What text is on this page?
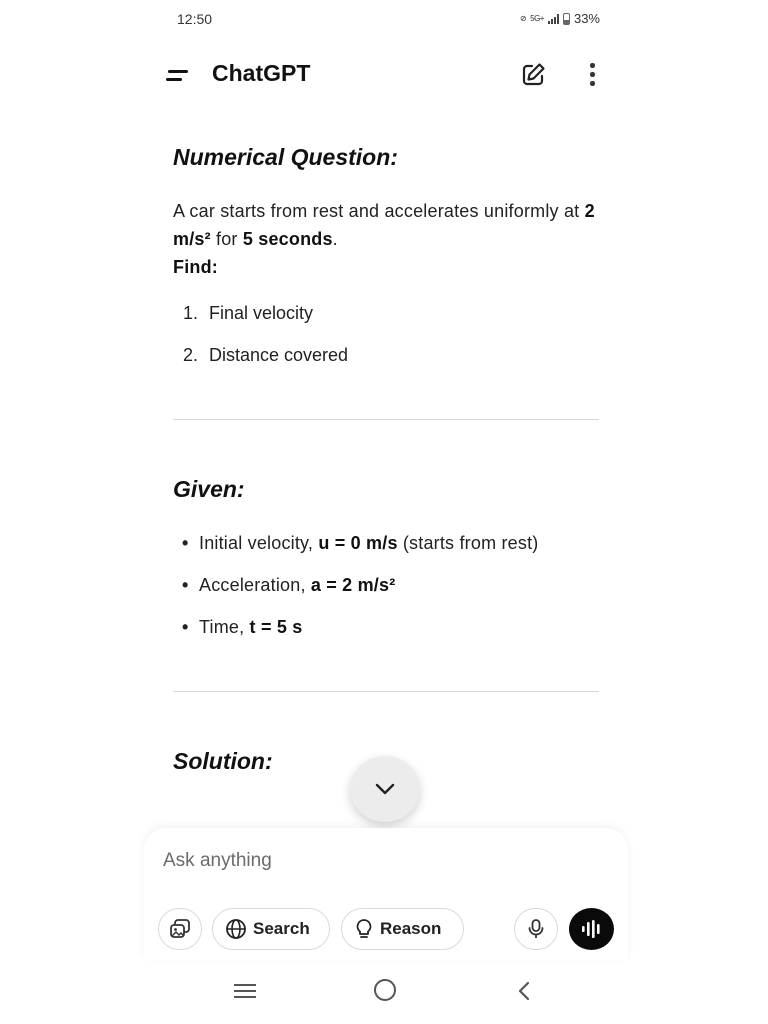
12:50	⊘ 5G+ 33%
ChatGPT
Numerical Question:

A car starts from rest and accelerates uniformly at 2 m/s² for 5 seconds.
Find:

1. Final velocity
2. Distance covered
Given:
• Initial velocity, u = 0 m/s (starts from rest)
• Acceleration, a = 2 m/s²
• Time, t = 5 s
Solution:
Ask anything
Search	Reason
